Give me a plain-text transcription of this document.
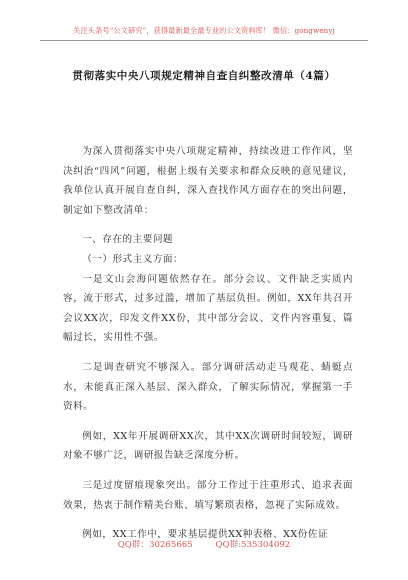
关注头条号“公文研究”，获得最新最全最专业的公文资料库！ 微信：gongwenyj
贯彻落实中央八项规定精神自查自纠整改清单（4篇）

为深入贯彻落实中央八项规定精神，持续改进工作作风，坚决纠治“四风”问题，根据上级有关要求和群众反映的意见建议，我单位认真开展自查自纠，深入查找作风方面存在的突出问题，制定如下整改清单：

一、存在的主要问题

（一）形式主义方面：

一是文山会海问题依然存在。部分会议、文件缺乏实质内容，流于形式，过多过滥，增加了基层负担。例如，XX年共召开会议XX次，印发文件XX份，其中部分会议、文件内容重复、篇幅过长，实用性不强。

二是调查研究不够深入。部分调研活动走马观花、蜻蜓点水，未能真正深入基层、深入群众，了解实际情况，掌握第一手资料。

例如，XX年开展调研XX次，其中XX次调研时间较短，调研对象不够广泛，调研报告缺乏深度分析。

三是过度留痕现象突出。部分工作过于注重形式、追求表面效果，热衷于制作精美台账、填写繁琐表格，忽视了实际成效。

例如，XX工作中，要求基层提供XX种表格、XX份佐证

QQ群：30265665	QQ群:535304092
